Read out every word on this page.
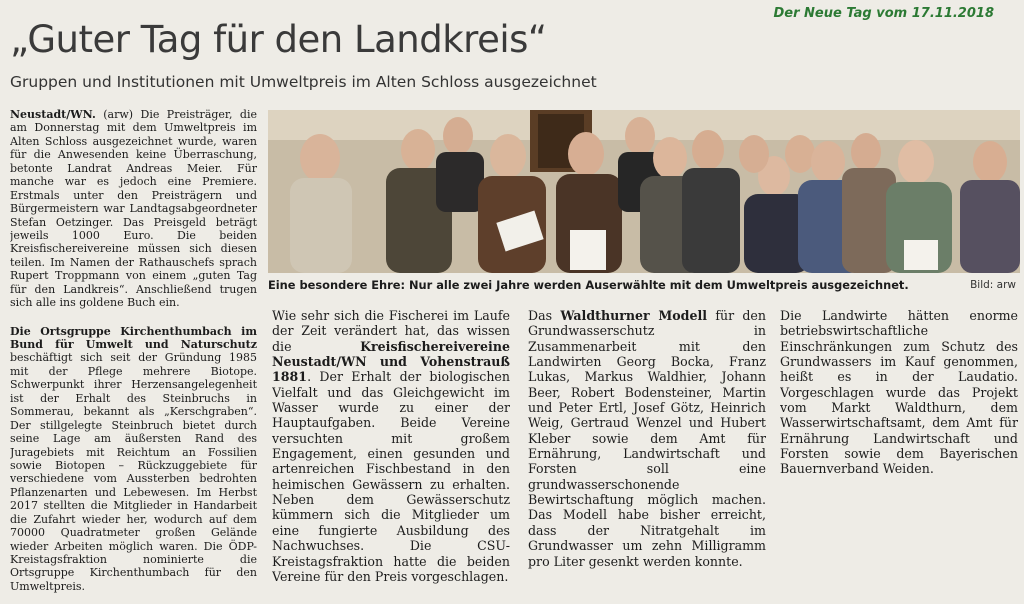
Der Neue Tag vom 17.11.2018
„Guter Tag für den Landkreis“
Gruppen und Institutionen mit Umweltpreis im Alten Schloss ausgezeichnet

Neustadt/WN. (arw) Die Preisträger, die am Donnerstag mit dem Umweltpreis im Alten Schloss ausgezeichnet wurde, waren für die Anwesenden keine Überraschung, betonte Landrat Andreas Meier. Für manche war es jedoch eine Premiere. Erstmals unter den Preisträgern und Bürgermeistern war Landtagsabgeordneter Stefan Oetzinger. Das Preisgeld beträgt jeweils 1000 Euro. Die beiden Kreisfischereivereine müssen sich diesen teilen. Im Namen der Rathauschefs sprach Rupert Troppmann von einem „guten Tag für den Landkreis“. Anschließend trugen sich alle ins goldene Buch ein.

Die Ortsgruppe Kirchenthumbach im Bund für Umwelt und Naturschutz beschäftigt sich seit der Gründung 1985 mit der Pflege mehrere Biotope. Schwerpunkt ihrer Herzensangelegenheit ist der Erhalt des Steinbruchs in Sommerau, bekannt als „Kerschgraben“. Der stillgelegte Steinbruch bietet durch seine Lage am äußersten Rand des Juragebiets mit Reichtum an Fossilien sowie Biotopen – Rückzuggebiete für verschiedene vom Aussterben bedrohten Pflanzenarten und Lebewesen. Im Herbst 2017 stellten die Mitglieder in Handarbeit die Zufahrt wieder her, wodurch auf dem 70000 Quadratmeter großen Gelände wieder Arbeiten möglich waren. Die ÖDP-Kreistagsfraktion nominierte die Ortsgruppe Kirchenthumbach für den Umweltpreis.

Eine besondere Ehre: Nur alle zwei Jahre werden Auserwählte mit dem Umweltpreis ausgezeichnet.	Bild: arw

Wie sehr sich die Fischerei im Laufe der Zeit verändert hat, das wissen die Kreisfischereivereine Neustadt/WN und Vohenstrauß 1881. Der Erhalt der biologischen Vielfalt und das Gleichgewicht im Wasser wurde zu einer der Hauptaufgaben. Beide Vereine versuchten mit großem Engagement, einen gesunden und artenreichen Fischbestand in den heimischen Gewässern zu erhalten. Neben dem Gewässerschutz kümmern sich die Mitglieder um eine fungierte Ausbildung des Nachwuchses. Die CSU-Kreistagsfraktion hatte die beiden Vereine für den Preis vorgeschlagen.

Das Waldthurner Modell für den Grundwasserschutz in Zusammenarbeit mit den Landwirten Georg Bocka, Franz Lukas, Markus Waldhier, Johann Beer, Robert Bodensteiner, Martin und Peter Ertl, Josef Götz, Heinrich Weig, Gertraud Wenzel und Hubert Kleber sowie dem Amt für Ernährung, Landwirtschaft und Forsten soll eine grundwasserschonende Bewirtschaftung möglich machen. Das Modell habe bisher erreicht, dass der Nitratgehalt im Grundwasser um zehn Milligramm pro Liter gesenkt werden konnte.

Die Landwirte hätten enorme betriebswirtschaftliche Einschränkungen zum Schutz des Grundwassers im Kauf genommen, heißt es in der Laudatio. Vorgeschlagen wurde das Projekt vom Markt Waldthurn, dem Wasserwirtschaftsamt, dem Amt für Ernährung Landwirtschaft und Forsten sowie dem Bayerischen Bauernverband Weiden.
